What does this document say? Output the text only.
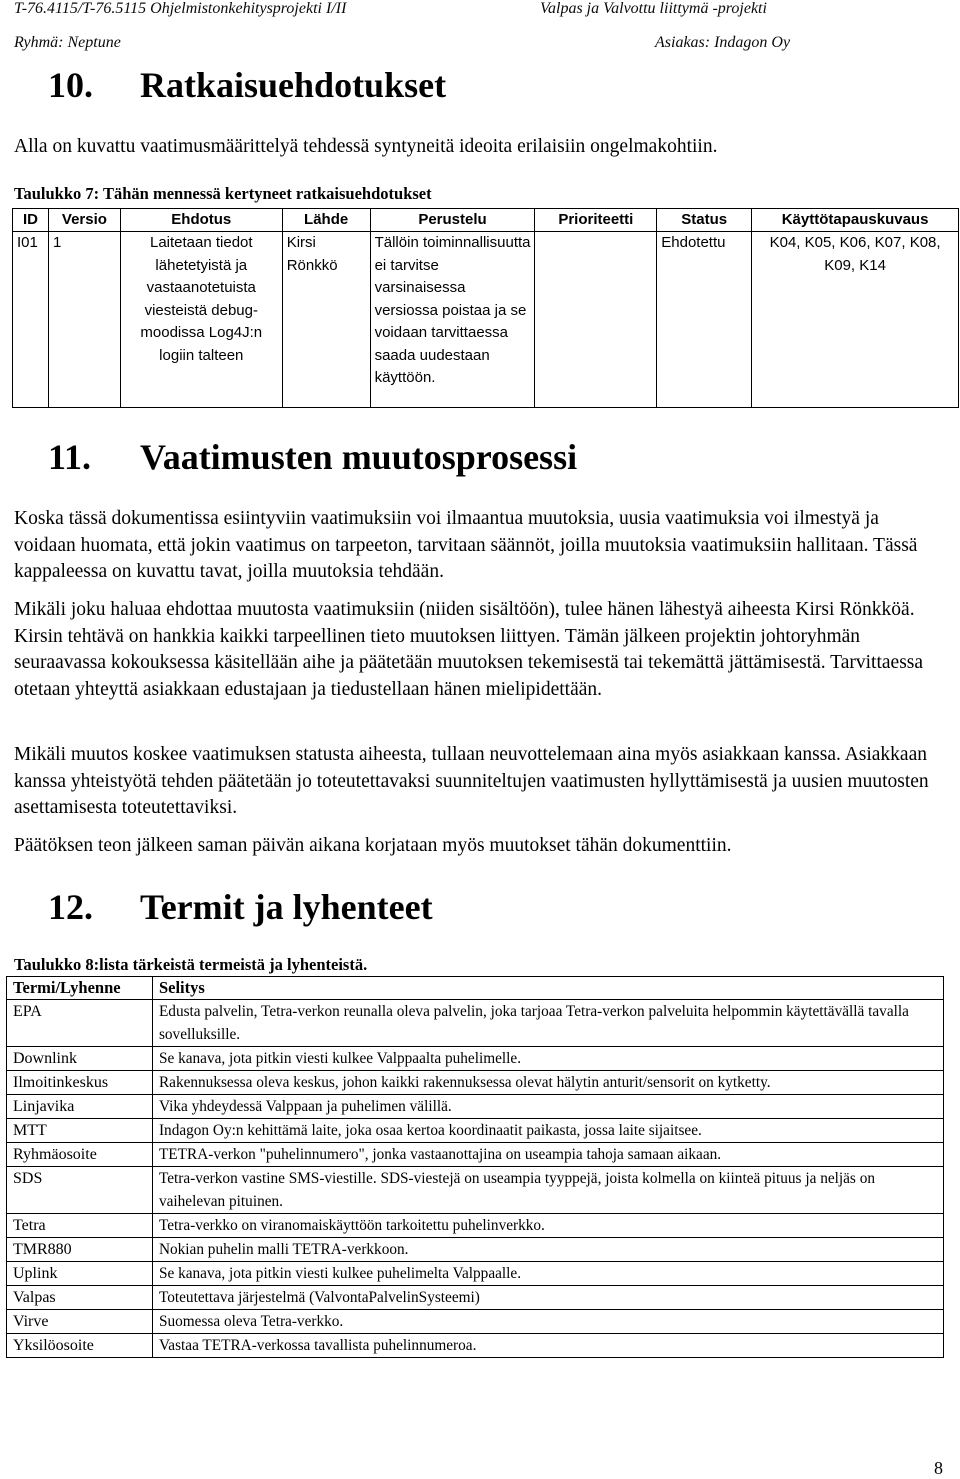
T-76.4115/T-76.5115 Ohjelmistonkehitysprojekti I/II	Valpas ja Valvottu liittymä -projekti
Ryhmä: Neptune	Asiakas: Indagon Oy
10. Ratkaisuehdotukset

Alla on kuvattu vaatimusmäärittelyä tehdessä syntyneitä ideoita erilaisiin ongelmakohtiin.

Taulukko 7: Tähän mennessä kertyneet ratkaisuehdotukset
ID	Versio	Ehdotus	Lähde	Perustelu	Prioriteetti	Status	Käyttötapauskuvaus
I01	1	Laitetaan tiedot lähetetyistä ja vastaanotetuista viesteistä debug-moodissa Log4J:n logiin talteen	Kirsi Rönkkö	Tällöin toiminnallisuutta ei tarvitse varsinaisessa versiossa poistaa ja se voidaan tarvittaessa saada uudestaan käyttöön.		Ehdotettu	K04, K05, K06, K07, K08, K09, K14
11. Vaatimusten muutosprosessi

Koska tässä dokumentissa esiintyviin vaatimuksiin voi ilmaantua muutoksia, uusia vaatimuksia voi ilmestyä ja voidaan huomata, että jokin vaatimus on tarpeeton, tarvitaan säännöt, joilla muutoksia vaatimuksiin hallitaan. Tässä kappaleessa on kuvattu tavat, joilla muutoksia tehdään.

Mikäli joku haluaa ehdottaa muutosta vaatimuksiin (niiden sisältöön), tulee hänen lähestyä aiheesta Kirsi Rönkköä. Kirsin tehtävä on hankkia kaikki tarpeellinen tieto muutoksen liittyen. Tämän jälkeen projektin johtoryhmän seuraavassa kokouksessa käsitellään aihe ja päätetään muutoksen tekemisestä tai tekemättä jättämisestä. Tarvittaessa otetaan yhteyttä asiakkaan edustajaan ja tiedustellaan hänen mielipidettään.

Mikäli muutos koskee vaatimuksen statusta aiheesta, tullaan neuvottelemaan aina myös asiakkaan kanssa. Asiakkaan kanssa yhteistyötä tehden päätetään jo toteutettavaksi suunniteltujen vaatimusten hyllyttämisestä ja uusien muutosten asettamisesta toteutettaviksi.

Päätöksen teon jälkeen saman päivän aikana korjataan myös muutokset tähän dokumenttiin.

12. Termit ja lyhenteet
Taulukko 8:lista tärkeistä termeistä ja lyhenteistä.
Termi/Lyhenne	Selitys
EPA	Edusta palvelin, Tetra-verkon reunalla oleva palvelin, joka tarjoaa Tetra-verkon palveluita helpommin käytettävällä tavalla sovelluksille.
Downlink	Se kanava, jota pitkin viesti kulkee Valppaalta puhelimelle.
Ilmoitinkeskus	Rakennuksessa oleva keskus, johon kaikki rakennuksessa olevat hälytin anturit/sensorit on kytketty.
Linjavika	Vika yhdeydessä Valppaan ja puhelimen välillä.
MTT	Indagon Oy:n kehittämä laite, joka osaa kertoa koordinaatit paikasta, jossa laite sijaitsee.
Ryhmäosoite	TETRA-verkon "puhelinnumero", jonka vastaanottajina on useampia tahoja samaan aikaan.
SDS	Tetra-verkon vastine SMS-viestille. SDS-viestejä on useampia tyyppejä, joista kolmella on kiinteä pituus ja neljäs on vaihelevan pituinen.
Tetra	Tetra-verkko on viranomaiskäyttöön tarkoitettu puhelinverkko.
TMR880	Nokian puhelin malli TETRA-verkkoon.
Uplink	Se kanava, jota pitkin viesti kulkee puhelimelta Valppaalle.
Valpas	Toteutettava järjestelmä (ValvontaPalvelinSysteemi)
Virve	Suomessa oleva Tetra-verkko.
Yksilöosoite	Vastaa TETRA-verkossa tavallista puhelinnumeroa.
8
